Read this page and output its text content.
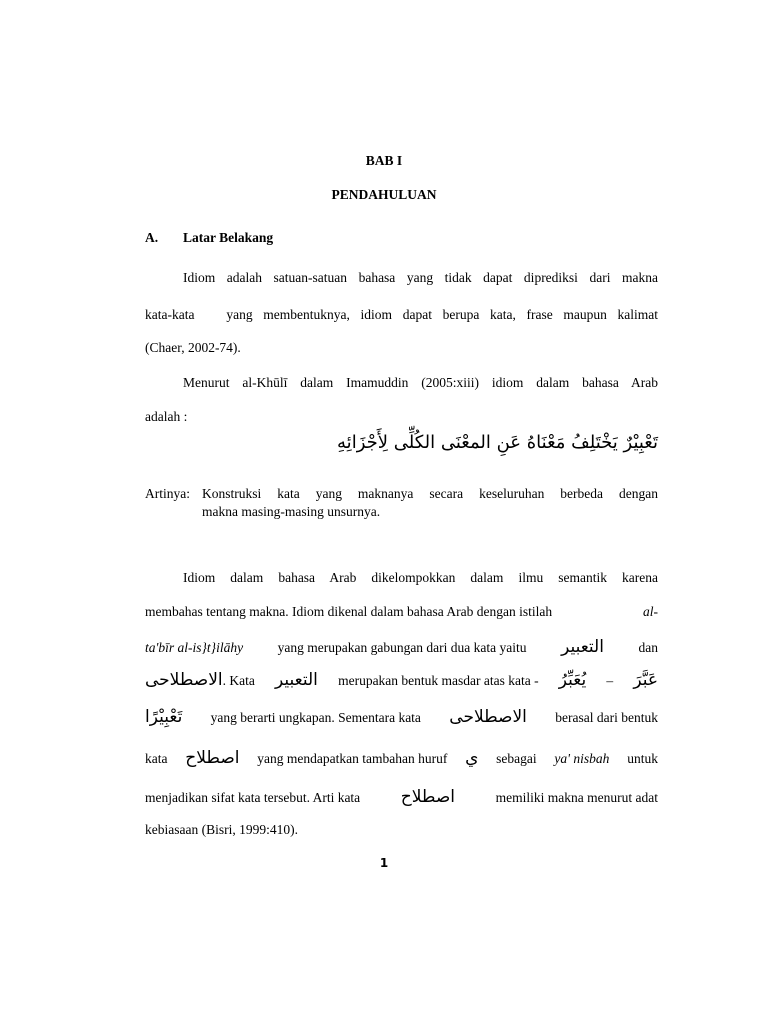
BAB I
PENDAHULUAN
A. Latar Belakang
Idiom adalah satuan-satuan bahasa yang tidak dapat diprediksi dari makna
kata-kata   yang membentuknya, idiom dapat berupa kata, frase maupun kalimat
(Chaer, 2002-74).
Menurut al-Khūlī dalam Imamuddin (2005:xiii) idiom dalam bahasa Arab
adalah :
تَعْبِيْرٌ يَخْتَلِفُ مَعْنَاهُ عَنِ المعْنَى الكُلِّى لِأَجْزَائِهِ
Artinya: Konstruksi kata yang maknanya secara keseluruhan berbeda dengan
makna masing-masing unsurnya.
Idiom dalam bahasa Arab dikelompokkan dalam ilmu semantik karena
membahas tentang makna. Idiom dikenal dalam bahasa Arab dengan istilah	al-
ta'bīr al-is}t}ilāhy	yang merupakan gabungan dari dua kata yaitu التعبير	dan
الاصطلاحى. Kata التعبير merupakan bentuk masdar atas kata - يُعَبِّرُ – عَبَّرَ
تَعْبِيْرًا yang berarti ungkapan. Sementara kata الاصطلاحى berasal dari bentuk
kata اصطلاح yang mendapatkan tambahan huruf ي sebagai ya' nisbah untuk
menjadikan sifat kata tersebut. Arti kata اصطلاح	memiliki makna menurut adat
kebiasaan (Bisri, 1999:410).
1
